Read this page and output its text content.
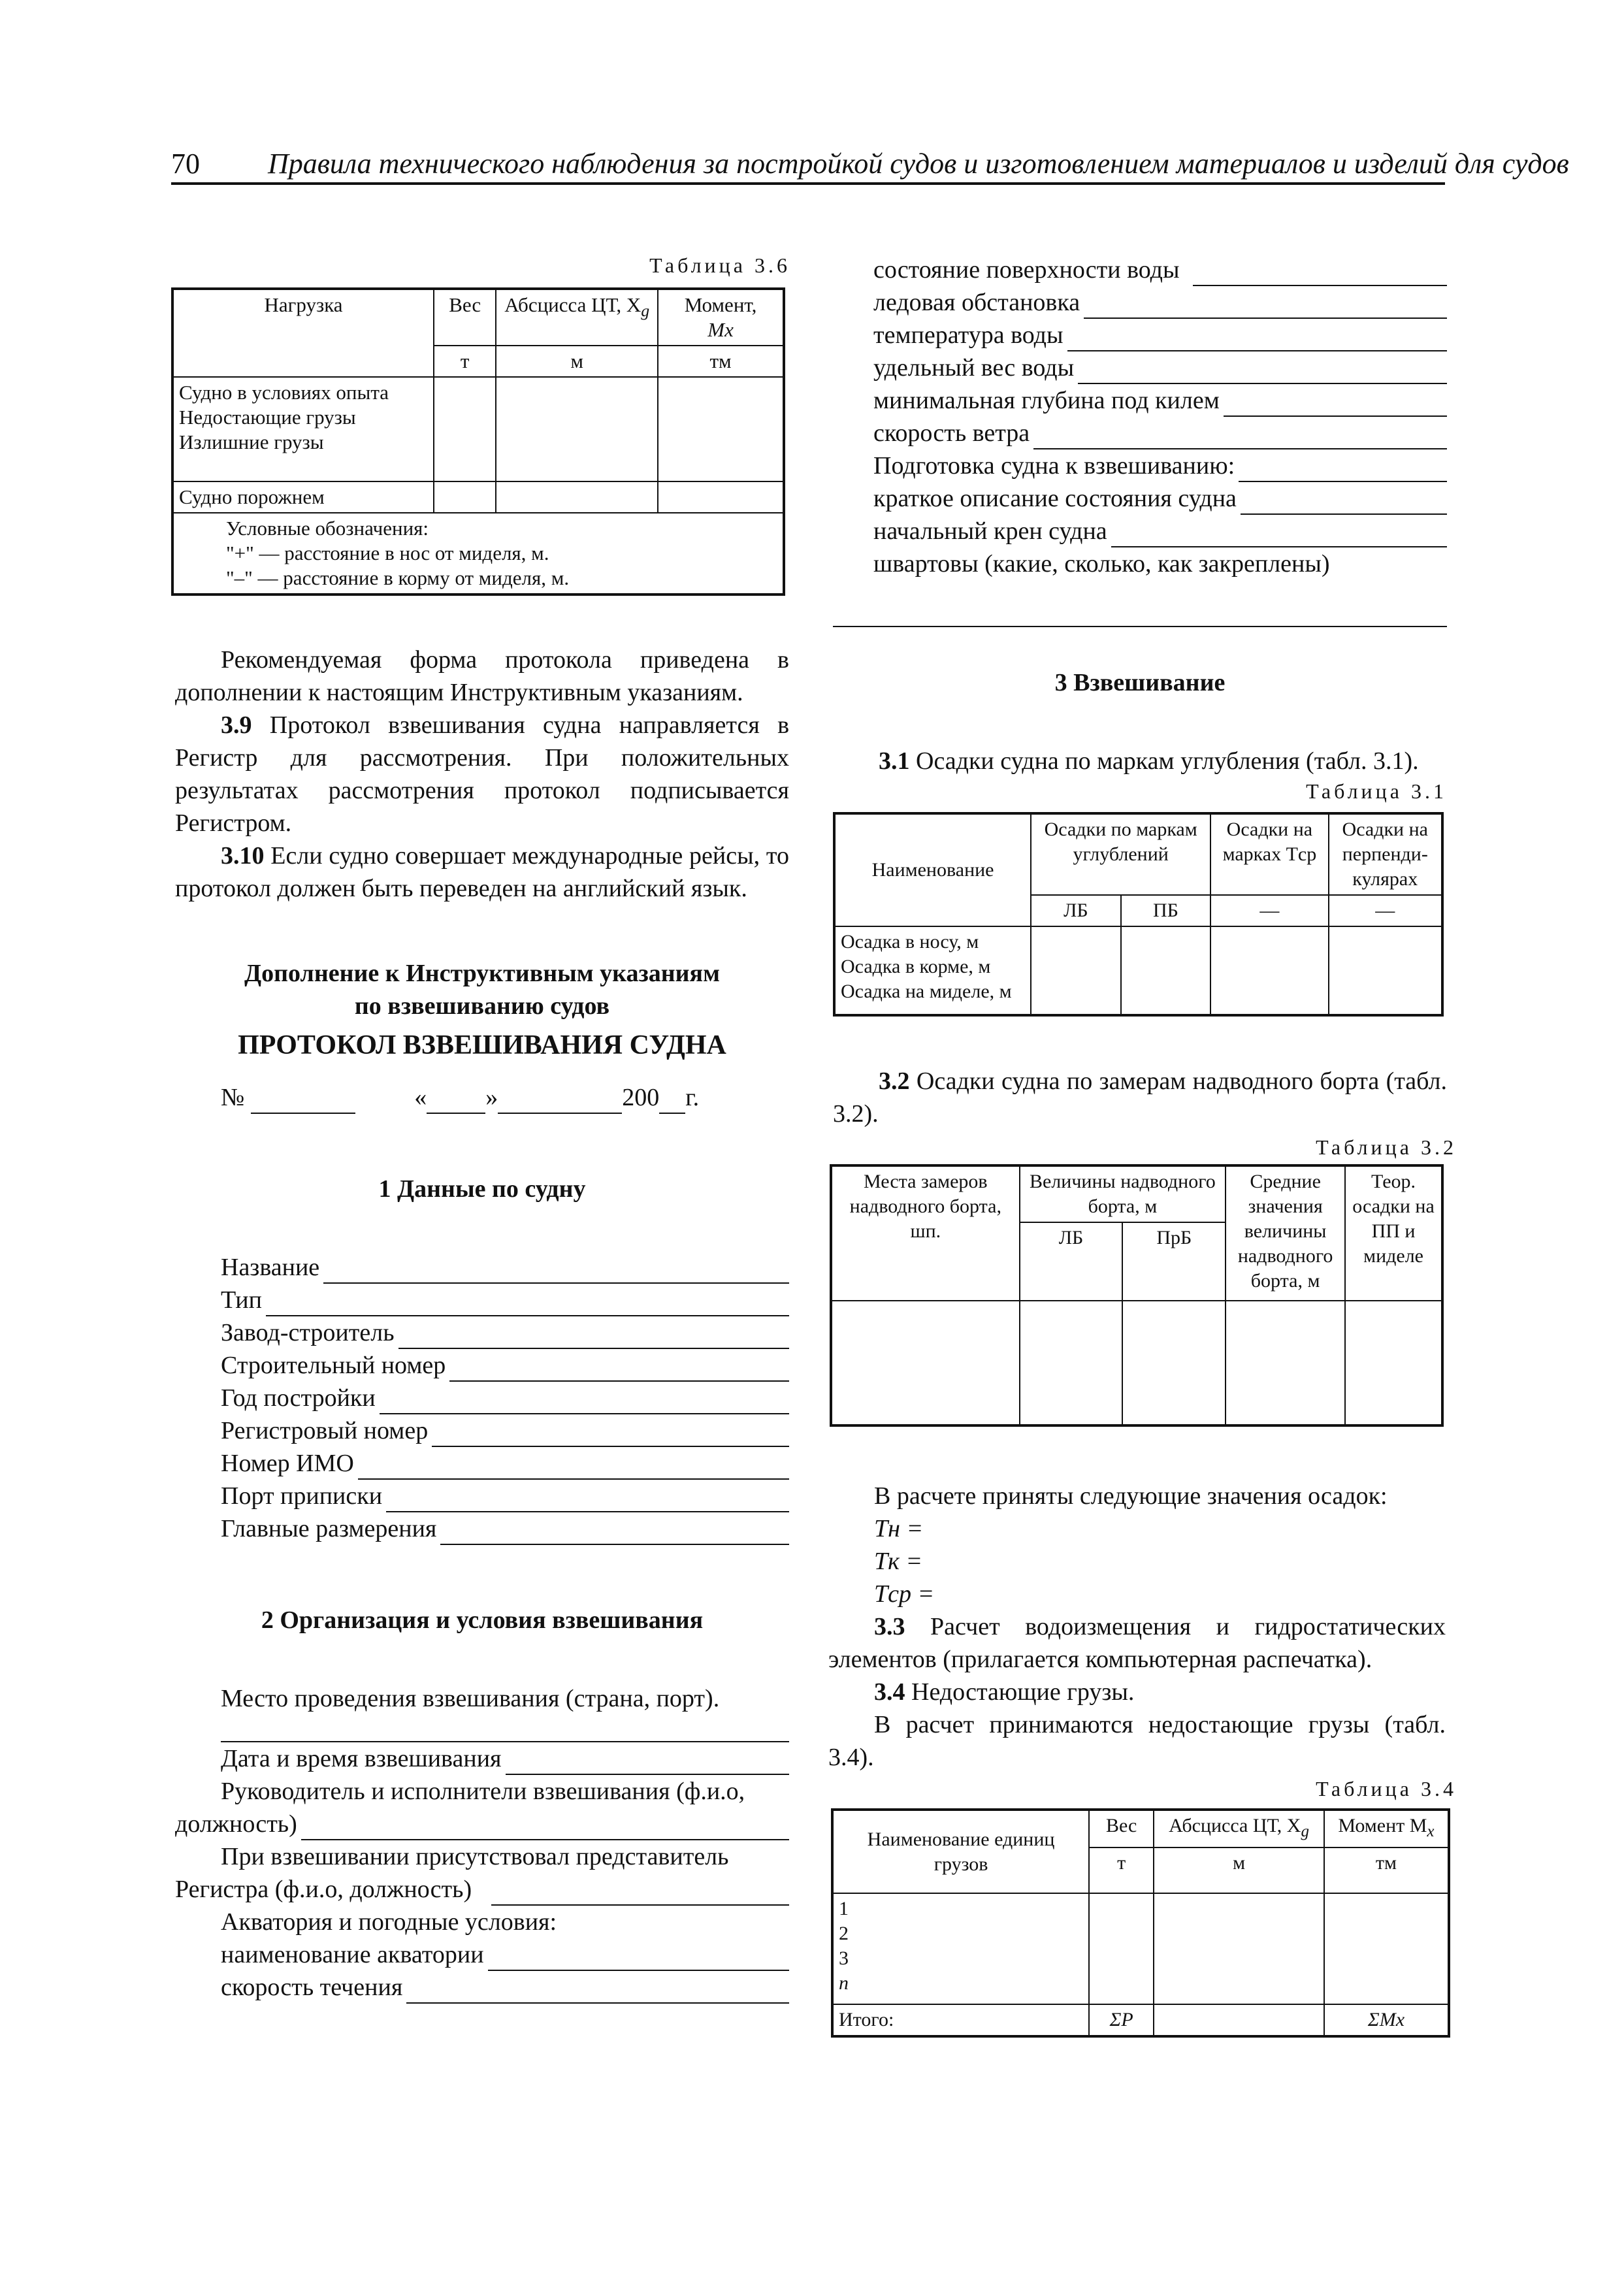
70 Правила технического наблюдения за постройкой судов и изготовлением материалов и изделий для судов
Таблица 3.6
Нагрузка	Вес	Абсцисса ЦТ, $X_g$	Момент,
Mx
	т	м	тм

Судно в условиях опыта
Недостающие грузы
Излишние грузы			

Судно порожнем			

Условные обозначения:
"+" — расстояние в нос от миделя, м.
"–" — расстояние в корму от миделя, м.			

Рекомендуемая форма протокола приведена в дополнении к настоящим Инструктивным указаниям.

3.9 Протокол взвешивания судна направляется в Регистр для рассмотрения. При положительных результатах рассмотрения протокол подписывается Регистром.

3.10 Если судно совершает международные рейсы, то протокол должен быть переведен на английский язык.

Дополнение к Инструктивным указаниям

по взвешиванию судов

ПРОТОКОЛ ВЗВЕШИВАНИЯ СУДНА

№	« »	200 г.

1 Данные по судну

Название
Тип
Завод-строитель
Строительный номер
Год постройки
Регистровый номер
Номер ИМО
Порт приписки
Главные размерения

2 Организация и условия взвешивания

Место проведения взвешивания (страна, порт).
Дата и время взвешивания
Руководитель и исполнители взвешивания (ф.и.о,
должность)
При взвешивании присутствовал представитель
Регистра (ф.и.о, должность)
Акватория и погодные условия:
наименование акватории
скорость течения
состояние поверхности воды
ледовая обстановка
температура воды
удельный вес воды
минимальная глубина под килем
скорость ветра
Подготовка судна к взвешиванию:
краткое описание состояния судна
начальный крен судна
швартовы (какие, сколько, как закреплены)

3 Взвешивание

3.1 Осадки судна по маркам углубления (табл. 3.1).

Таблица 3.1
Наименование	Осадки по маркам углублений		Осадки на марках Tср	Осадки на перпенди-кулярах
	ЛБ	ПБ	—	—

Осадка в носу, м
Осадка в корме, м
Осадка на миделе, м				

3.2 Осадки судна по замерам надводного борта (табл. 3.2).

Таблица 3.2
Места замеров надводного борта, шп.	Величины надводного борта, м		Средние значения величины надводного борта, м	Теор. осадки на ПП и миделе
	ЛБ	ПрБ		

В расчете приняты следующие значения осадок:

Tн =
Tк =
Tср =

3.3 Расчет водоизмещения и гидростатических элементов (прилагается компьютерная распечатка).

3.4 Недостающие грузы.

В расчет принимаются недостающие грузы (табл. 3.4).

Таблица 3.4
Наименование единиц грузов	Вес	Абсцисса ЦТ, $X_g$	Момент $M_x$
	т	м	тм

1
2
3
n			

Итого:	ΣP		ΣMx
